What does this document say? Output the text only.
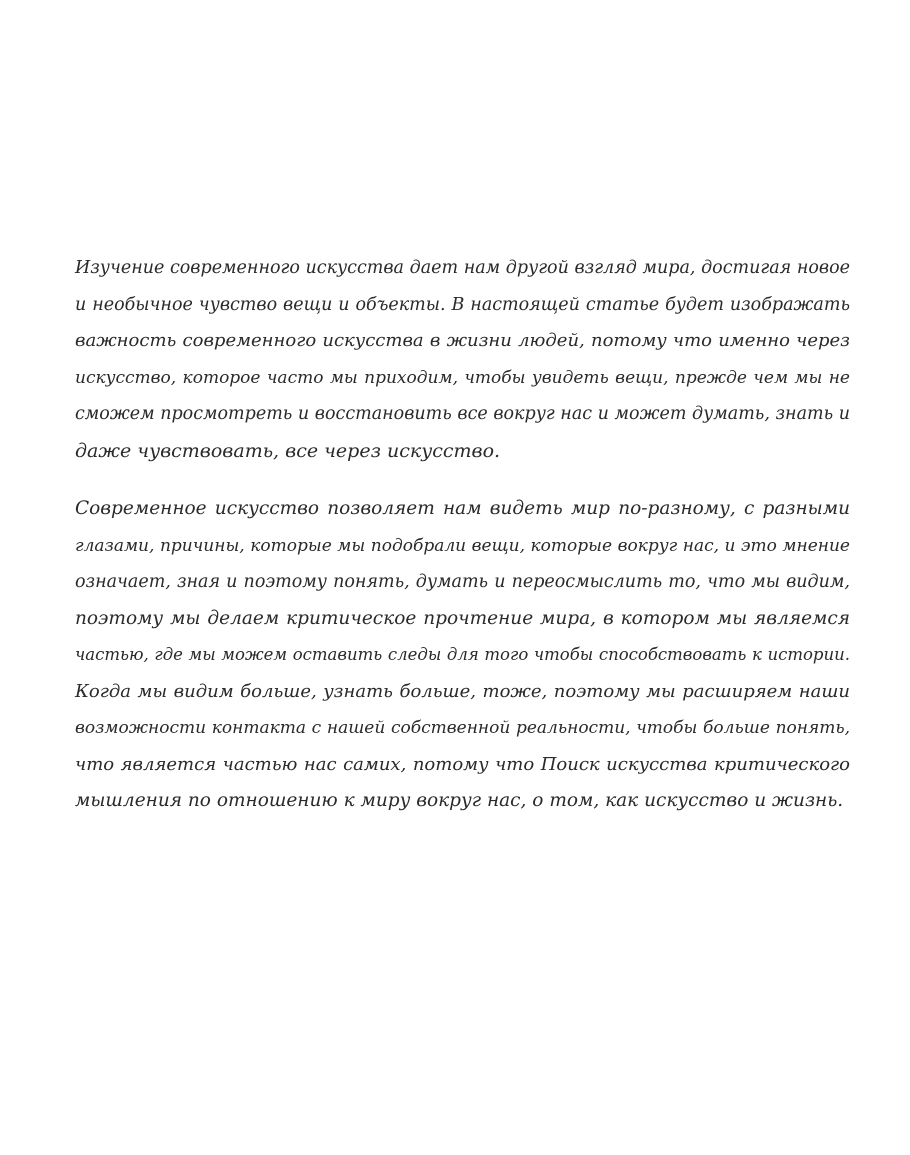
Изучение современного искусства дает нам другой взгляд мира, достигая новое
и необычное чувство вещи и объекты. В настоящей статье будет изображать
важность современного искусства в жизни людей, потому что именно через
искусство, которое часто мы приходим, чтобы увидеть вещи, прежде чем мы не
сможем просмотреть и восстановить все вокруг нас и может думать, знать и
даже чувствовать, все через искусство.
Современное искусство позволяет нам видеть мир по-разному, с разными
глазами, причины, которые мы подобрали вещи, которые вокруг нас, и это мнение
означает, зная и поэтому понять, думать и переосмыслить то, что мы видим,
поэтому мы делаем критическое прочтение мира, в котором мы являемся
частью, где мы можем оставить следы для того чтобы способствовать к истории.
Когда мы видим больше, узнать больше, тоже, поэтому мы расширяем наши
возможности контакта с нашей собственной реальности, чтобы больше понять,
что является частью нас самих, потому что Поиск искусства критического
мышления по отношению к миру вокруг нас, о том, как искусство и жизнь.
